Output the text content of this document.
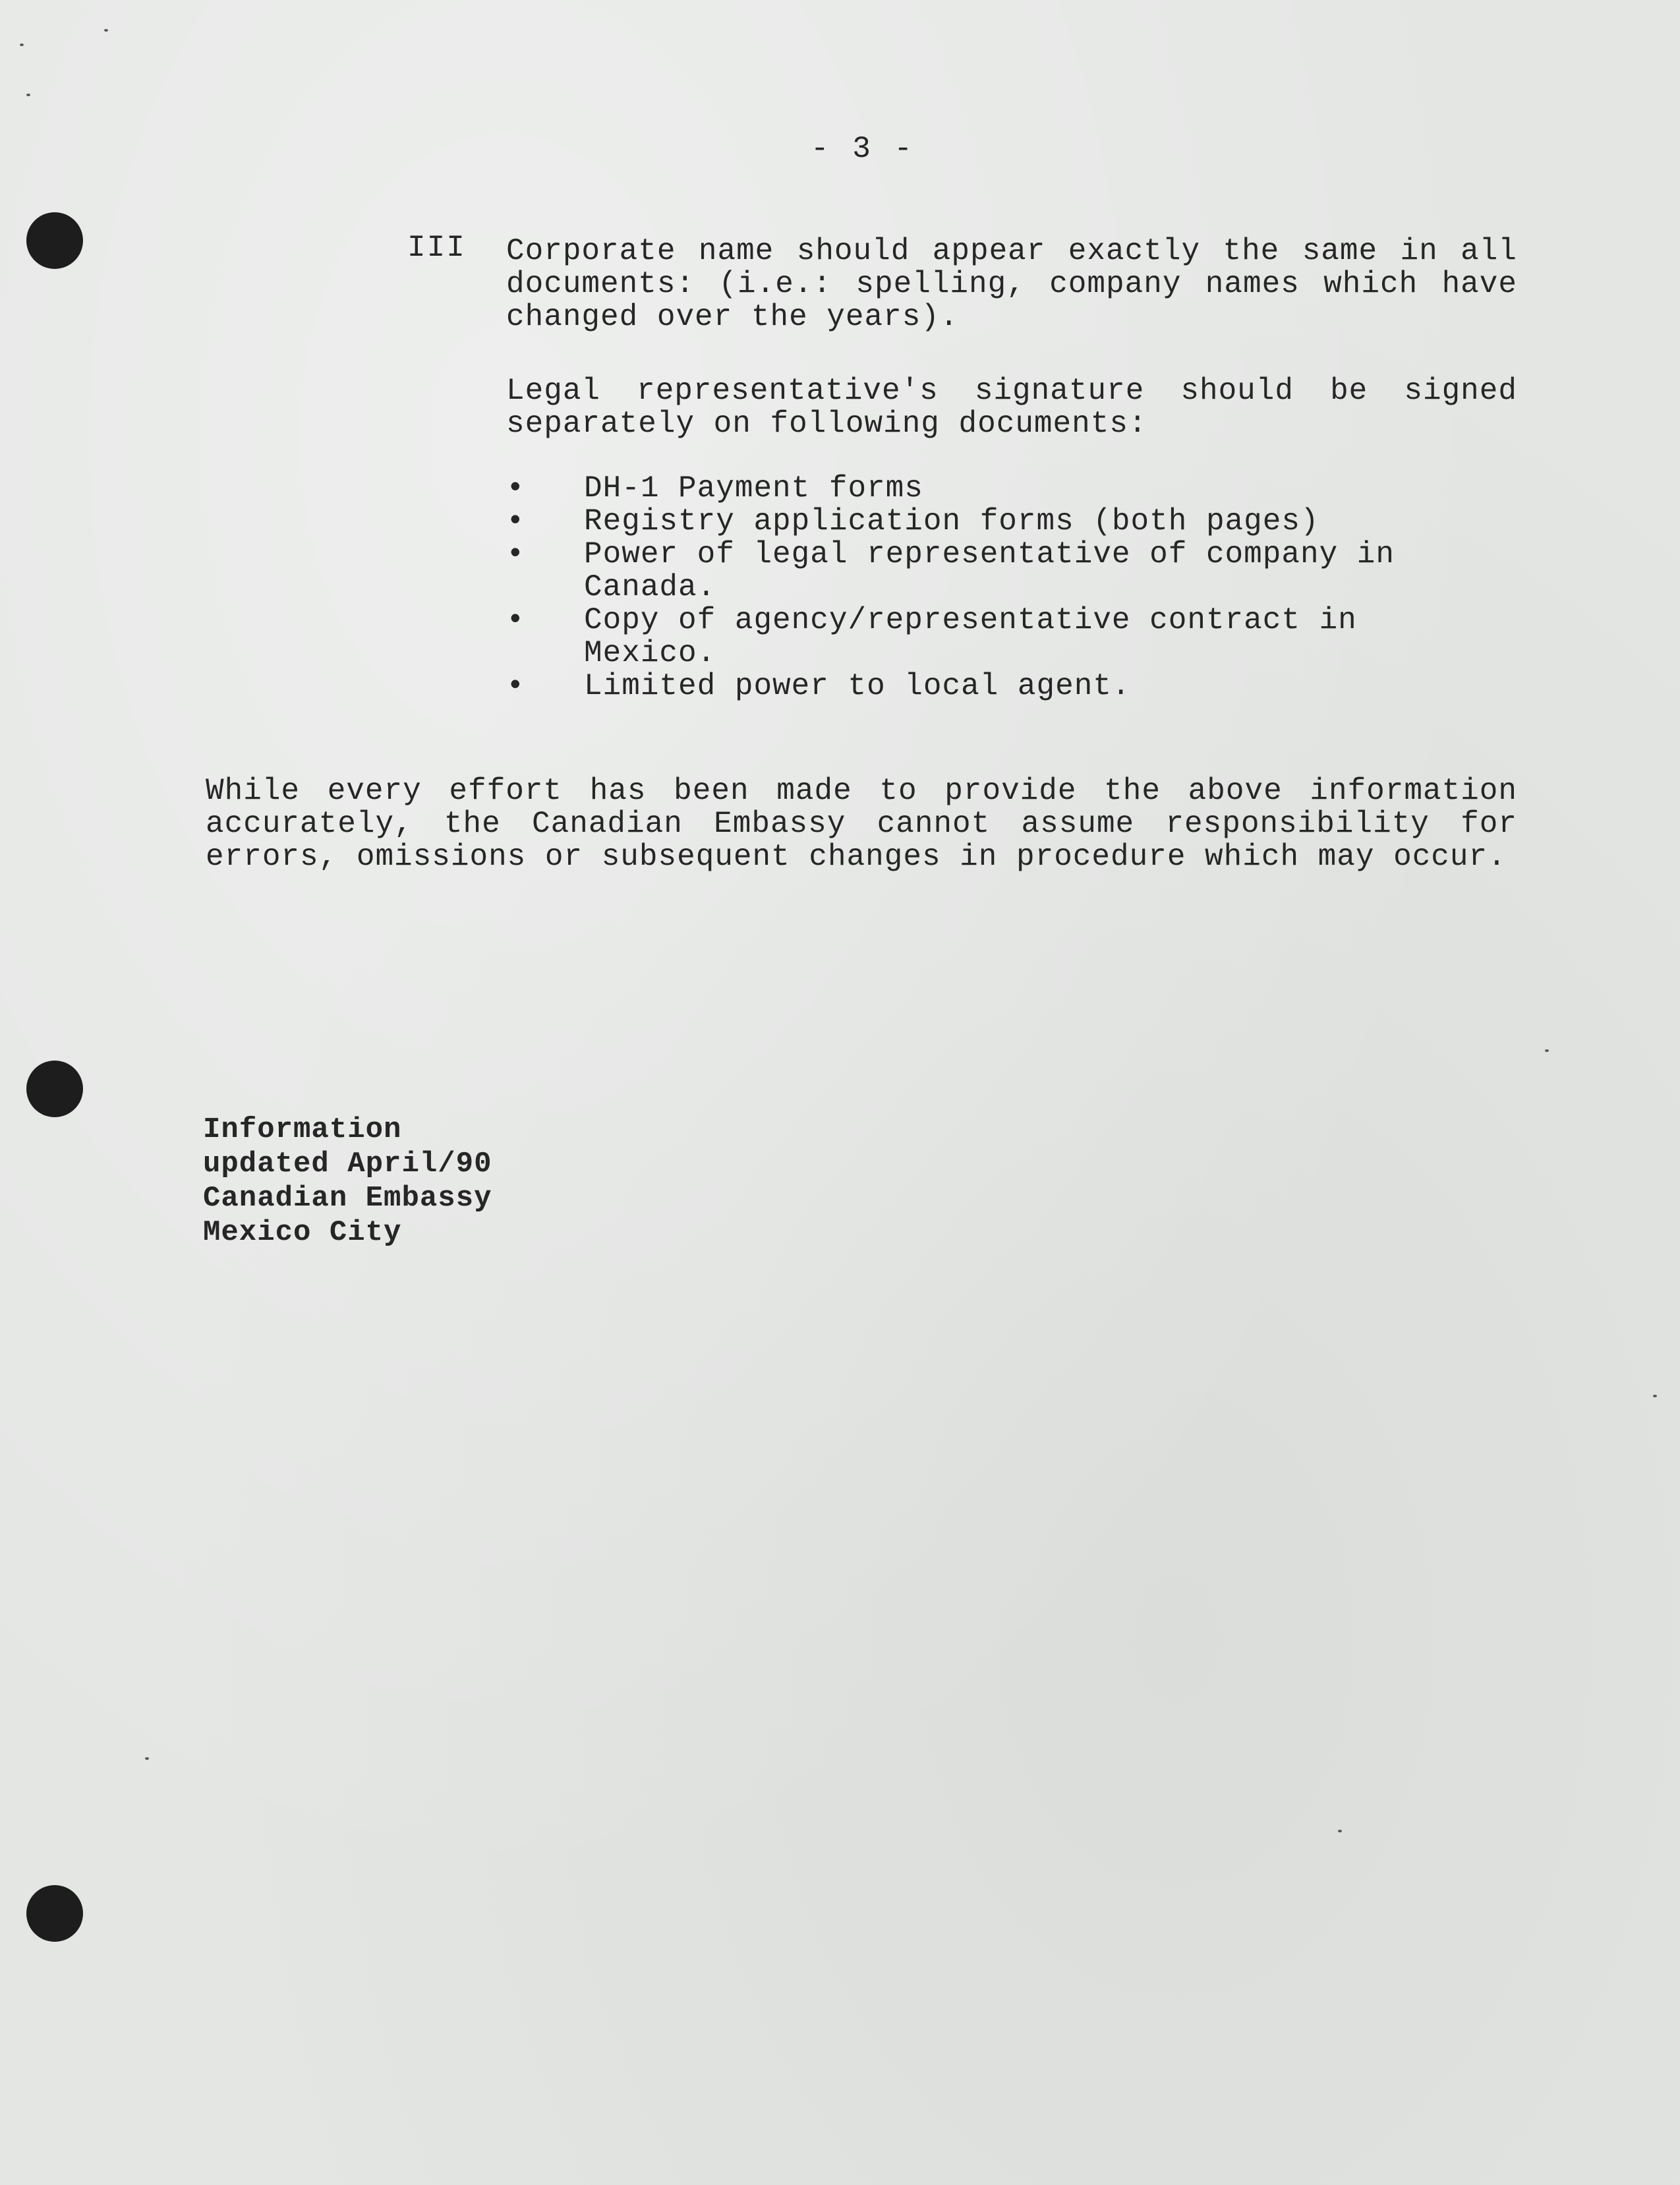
- 3 -
III Corporate name should appear exactly the same in all documents: (i.e.: spelling, company names which have changed over the years).
Legal representative's signature should be signed separately on following documents:
• DH-1 Payment forms
• Registry application forms (both pages)
• Power of legal representative of company in Canada.
• Copy of agency/representative contract in Mexico.
• Limited power to local agent.
While every effort has been made to provide the above information accurately, the Canadian Embassy cannot assume responsibility for errors, omissions or subsequent changes in procedure which may occur.
Information
updated April/90
Canadian Embassy
Mexico City
